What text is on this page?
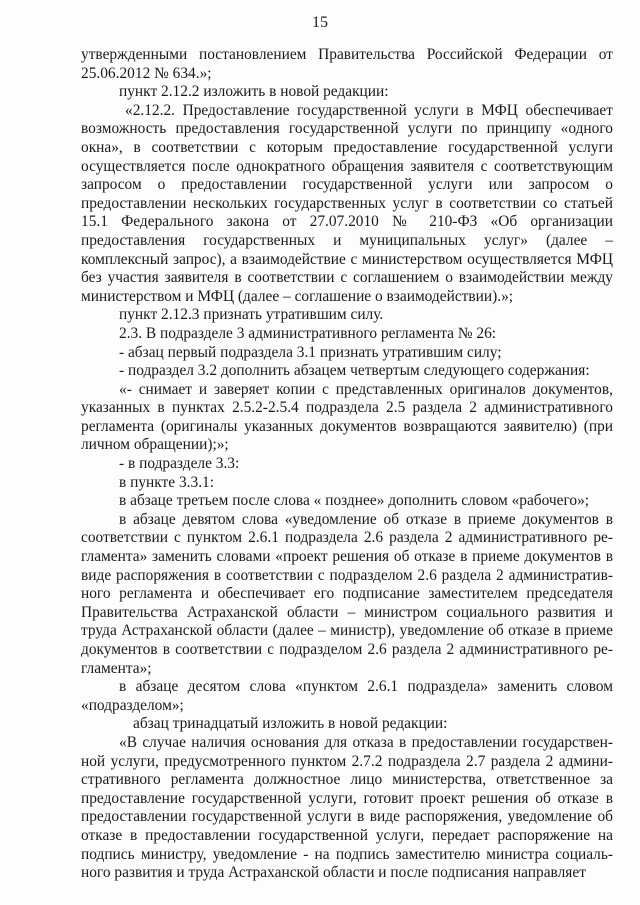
15

утвержденными постановлением Правительства Российской Федерации от 25.06.2012 № 634.»;

пункт 2.12.2 изложить в новой редакции:

«2.12.2. Предоставление государственной услуги в МФЦ обеспечивает возможность предоставления государственной услуги по принципу «одного окна», в соответствии с которым предоставление государственной услуги осуществляется после однократного обращения заявителя с соответствующим запросом о предоставлении государственной услуги или запросом о предоставлении нескольких государственных услуг в соответствии со статьей 15.1 Федерального закона от 27.07.2010 № 210-ФЗ «Об организации предоставления государственных и муниципальных услуг» (далее – комплексный запрос), а взаимодействие с министерством осуществляется МФЦ без участия заявителя в соответствии с соглашением о взаимодействии между министерством и МФЦ (далее – соглашение о взаимодействии).»;

пункт 2.12.3 признать утратившим силу.

2.3. В подразделе 3 административного регламента № 26:

- абзац первый подраздела 3.1 признать утратившим силу;

- подраздел 3.2 дополнить абзацем четвертым следующего содержания:

«- снимает и заверяет копии с представленных оригиналов документов, указанных в пунктах 2.5.2-2.5.4 подраздела 2.5 раздела 2 административного регламента (оригиналы указанных документов возвращаются заявителю) (при личном обращении);»;

- в подразделе 3.3:

в пункте 3.3.1:

в абзаце третьем после слова « позднее» дополнить словом «рабочего»;

в абзаце девятом слова «уведомление об отказе в приеме документов в соответствии с пунктом 2.6.1 подраздела 2.6 раздела 2 административного регламента» заменить словами «проект решения об отказе в приеме документов в виде распоряжения в соответствии с подразделом 2.6 раздела 2 административного регламента и обеспечивает его подписание заместителем председателя Правительства Астраханской области – министром социального развития и труда Астраханской области (далее – министр), уведомление об отказе в приеме документов в соответствии с подразделом 2.6 раздела 2 административного регламента»;

в абзаце десятом слова «пунктом 2.6.1 подраздела» заменить словом «подразделом»;

абзац тринадцатый изложить в новой редакции:

«В случае наличия основания для отказа в предоставлении государственной услуги, предусмотренного пунктом 2.7.2 подраздела 2.7 раздела 2 административного регламента должностное лицо министерства, ответственное за предоставление государственной услуги, готовит проект решения об отказе в предоставлении государственной услуги в виде распоряжения, уведомление об отказе в предоставлении государственной услуги, передает распоряжение на подпись министру, уведомление - на подпись заместителю министра социального развития и труда Астраханской области и после подписания направляет
